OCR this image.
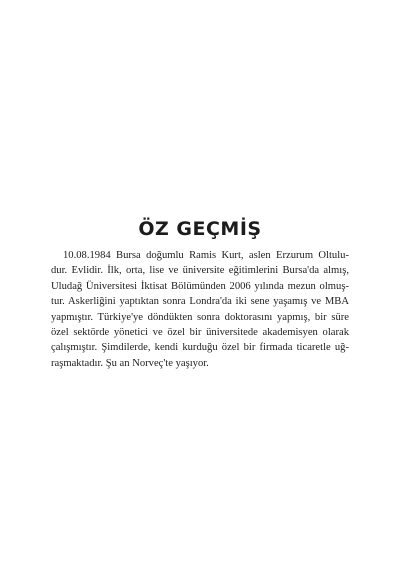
ÖZ GEÇMİŞ
10.08.1984 Bursa doğumlu Ramis Kurt, aslen Erzurum Oltulu-
dur. Evlidir. İlk, orta, lise ve üniversite eğitimlerini Bursa'da almış,
Uludağ Üniversitesi İktisat Bölümünden 2006 yılında mezun olmuş-
tur. Askerliğini yaptıktan sonra Londra'da iki sene yaşamış ve MBA
yapmıştır. Türkiye'ye döndükten sonra doktorasını yapmış, bir süre
özel sektörde yönetici ve özel bir üniversitede akademisyen olarak
çalışmıştır. Şimdilerde, kendi kurduğu özel bir firmada ticaretle uğ-
raşmaktadır. Şu an Norveç'te yaşıyor.
